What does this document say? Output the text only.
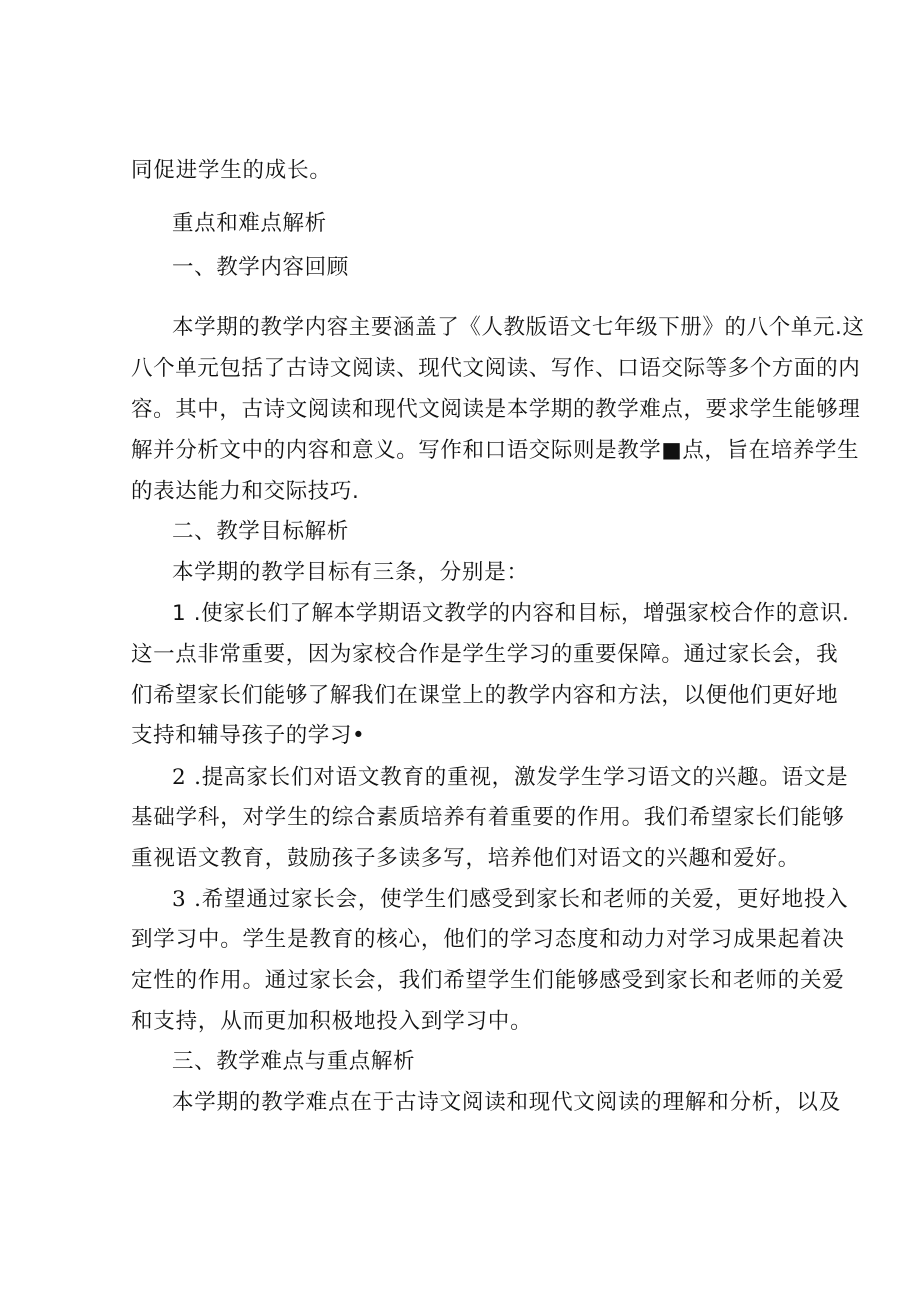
同促进学生的成长。
重点和难点解析
一、教学内容回顾
本学期的教学内容主要涵盖了《人教版语文七年级下册》的八个单元.这
八个单元包括了古诗文阅读、现代文阅读、写作、口语交际等多个方面的内
容。其中，古诗文阅读和现代文阅读是本学期的教学难点，要求学生能够理
解并分析文中的内容和意义。写作和口语交际则是教学■点，旨在培养学生
的表达能力和交际技巧.
二、教学目标解析
本学期的教学目标有三条，分别是：
1 .使家长们了解本学期语文教学的内容和目标，增强家校合作的意识.
这一点非常重要，因为家校合作是学生学习的重要保障。通过家长会，我
们希望家长们能够了解我们在课堂上的教学内容和方法，以便他们更好地
支持和辅导孩子的学习•
2 .提高家长们对语文教育的重视，激发学生学习语文的兴趣。语文是
基础学科，对学生的综合素质培养有着重要的作用。我们希望家长们能够
重视语文教育，鼓励孩子多读多写，培养他们对语文的兴趣和爱好。
3 .希望通过家长会，使学生们感受到家长和老师的关爱，更好地投入
到学习中。学生是教育的核心，他们的学习态度和动力对学习成果起着决
定性的作用。通过家长会，我们希望学生们能够感受到家长和老师的关爱
和支持，从而更加积极地投入到学习中。
三、教学难点与重点解析
本学期的教学难点在于古诗文阅读和现代文阅读的理解和分析，以及
